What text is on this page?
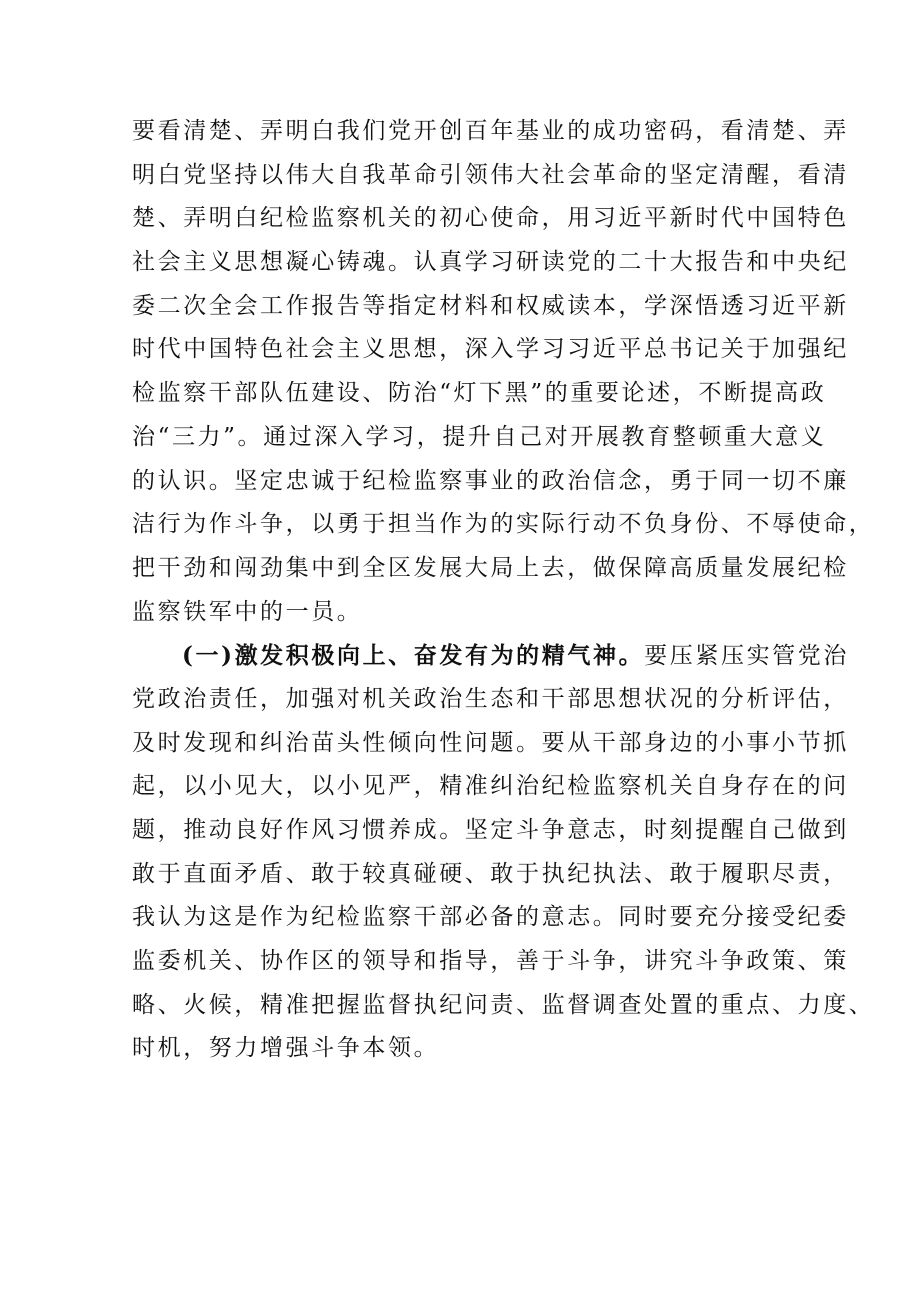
要看清楚、弄明白我们党开创百年基业的成功密码，看清楚、弄
明白党坚持以伟大自我革命引领伟大社会革命的坚定清醒，看清
楚、弄明白纪检监察机关的初心使命，用习近平新时代中国特色
社会主义思想凝心铸魂。认真学习研读党的二十大报告和中央纪
委二次全会工作报告等指定材料和权威读本，学深悟透习近平新
时代中国特色社会主义思想，深入学习习近平总书记关于加强纪
检监察干部队伍建设、防治“灯下黑”的重要论述，不断提高政
治“三力”。通过深入学习，提升自己对开展教育整顿重大意义
的认识。坚定忠诚于纪检监察事业的政治信念，勇于同一切不廉
洁行为作斗争，以勇于担当作为的实际行动不负身份、不辱使命，
把干劲和闯劲集中到全区发展大局上去，做保障高质量发展纪检
监察铁军中的一员。
(一)激发积极向上、奋发有为的精气神。要压紧压实管党治
党政治责任，加强对机关政治生态和干部思想状况的分析评估，
及时发现和纠治苗头性倾向性问题。要从干部身边的小事小节抓
起，以小见大，以小见严，精准纠治纪检监察机关自身存在的问
题，推动良好作风习惯养成。坚定斗争意志，时刻提醒自己做到
敢于直面矛盾、敢于较真碰硬、敢于执纪执法、敢于履职尽责，
我认为这是作为纪检监察干部必备的意志。同时要充分接受纪委
监委机关、协作区的领导和指导，善于斗争，讲究斗争政策、策
略、火候，精准把握监督执纪问责、监督调查处置的重点、力度、
时机，努力增强斗争本领。
